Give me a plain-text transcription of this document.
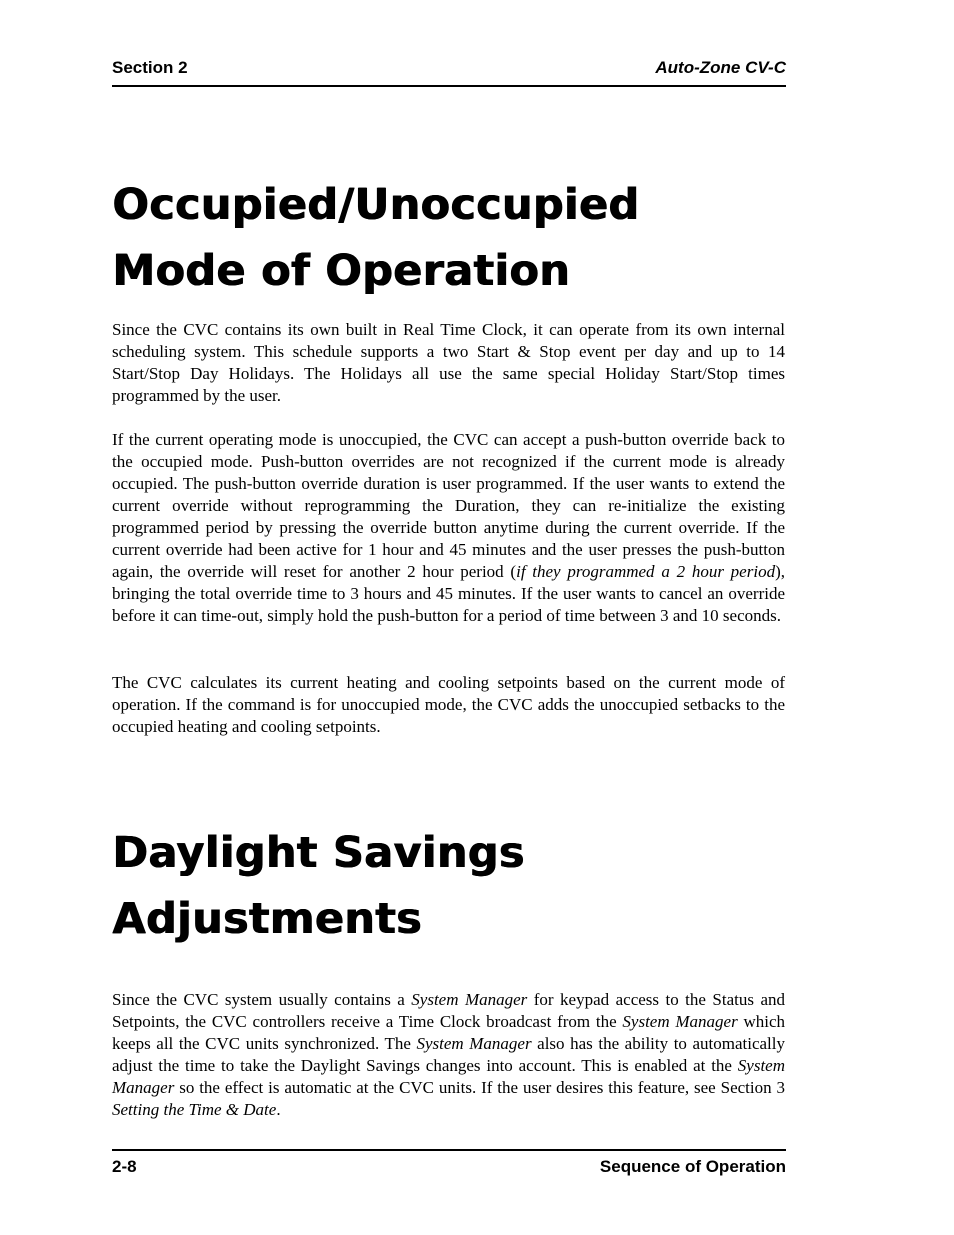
Section 2	Auto-Zone CV-C
Occupied/Unoccupied
Mode of Operation

Since the CVC contains its own built in Real Time Clock, it can operate from its own internal scheduling system. This schedule supports a two Start & Stop event per day and up to 14 Start/Stop Day Holidays. The Holidays all use the same special Holiday Start/Stop times programmed by the user.

If the current operating mode is unoccupied, the CVC can accept a push-button override back to the occupied mode. Push-button overrides are not recognized if the current mode is already occupied. The push-button override duration is user programmed. If the user wants to extend the current override without reprogramming the Duration, they can re-initialize the existing programmed period by pressing the override button anytime during the current override. If the current override had been active for 1 hour and 45 minutes and the user presses the push-button again, the override will reset for another 2 hour period (if they programmed a 2 hour period), bringing the total override time to 3 hours and 45 minutes. If the user wants to cancel an override before it can time-out, simply hold the push-button for a period of time between 3 and 10 seconds.

The CVC calculates its current heating and cooling setpoints based on the current mode of operation. If the command is for unoccupied mode, the CVC adds the unoccupied setbacks to the occupied heating and cooling setpoints.

Daylight Savings
Adjustments

Since the CVC system usually contains a System Manager for keypad access to the Status and Setpoints, the CVC controllers receive a Time Clock broadcast from the System Manager which keeps all the CVC units synchronized. The System Manager also has the ability to automatically adjust the time to take the Daylight Savings changes into account. This is enabled at the System Manager so the effect is automatic at the CVC units. If the user desires this feature, see Section 3 Setting the Time & Date.

2-8	Sequence of Operation
